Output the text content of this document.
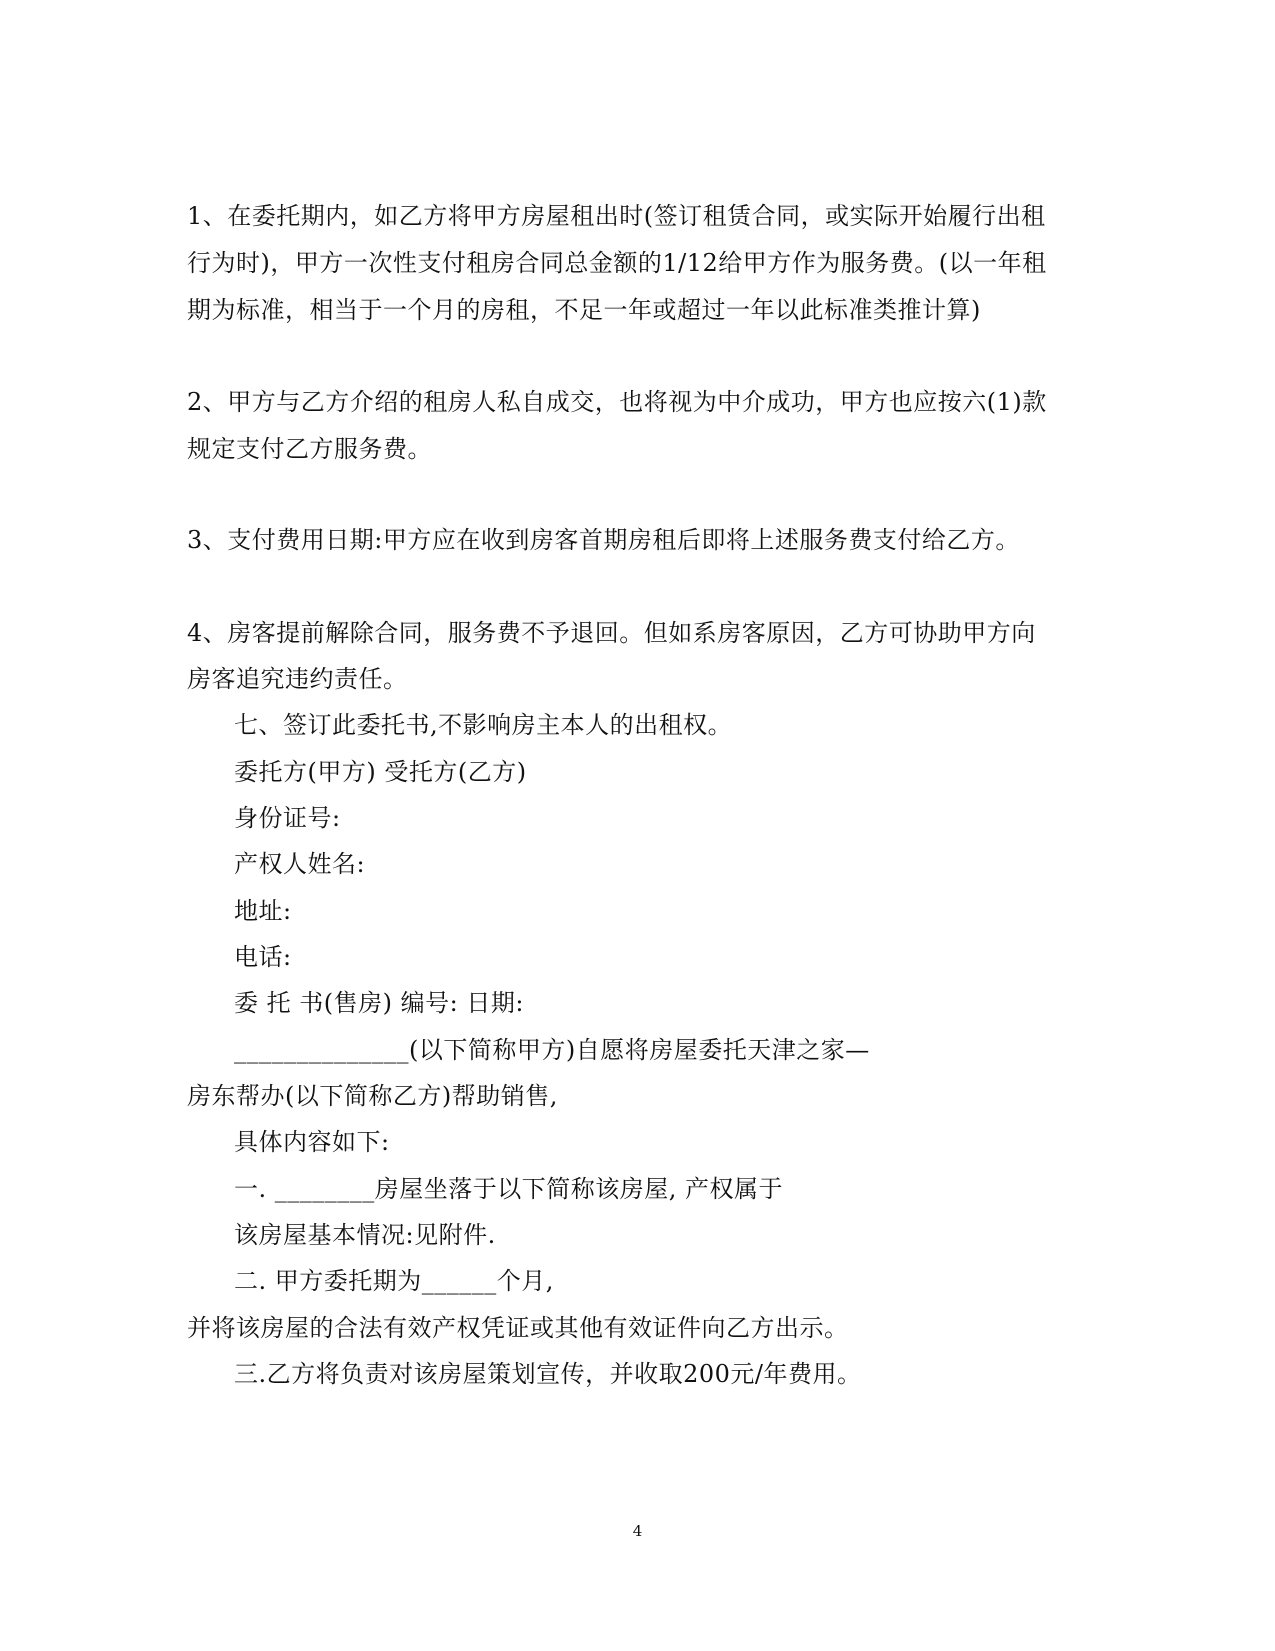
1、在委托期内，如乙方将甲方房屋租出时(签订租赁合同，或实际开始履行出租
行为时)，甲方一次性支付租房合同总金额的1/12给甲方作为服务费。(以一年租
期为标准，相当于一个月的房租，不足一年或超过一年以此标准类推计算)
2、甲方与乙方介绍的租房人私自成交，也将视为中介成功，甲方也应按六(1)款
规定支付乙方服务费。
3、支付费用日期:甲方应在收到房客首期房租后即将上述服务费支付给乙方。
4、房客提前解除合同，服务费不予退回。但如系房客原因，乙方可协助甲方向
房客追究违约责任。
七、签订此委托书,不影响房主本人的出租权。
委托方(甲方) 受托方(乙方)
身份证号:
产权人姓名:
地址:
电话:
委 托 书(售房) 编号: 日期:
______________(以下简称甲方)自愿将房屋委托天津之家—
房东帮办(以下简称乙方)帮助销售,
具体内容如下:
一. ________房屋坐落于以下简称该房屋, 产权属于
该房屋基本情况:见附件.
二. 甲方委托期为______个月,
并将该房屋的合法有效产权凭证或其他有效证件向乙方出示。
三.乙方将负责对该房屋策划宣传，并收取200元/年费用。
4
